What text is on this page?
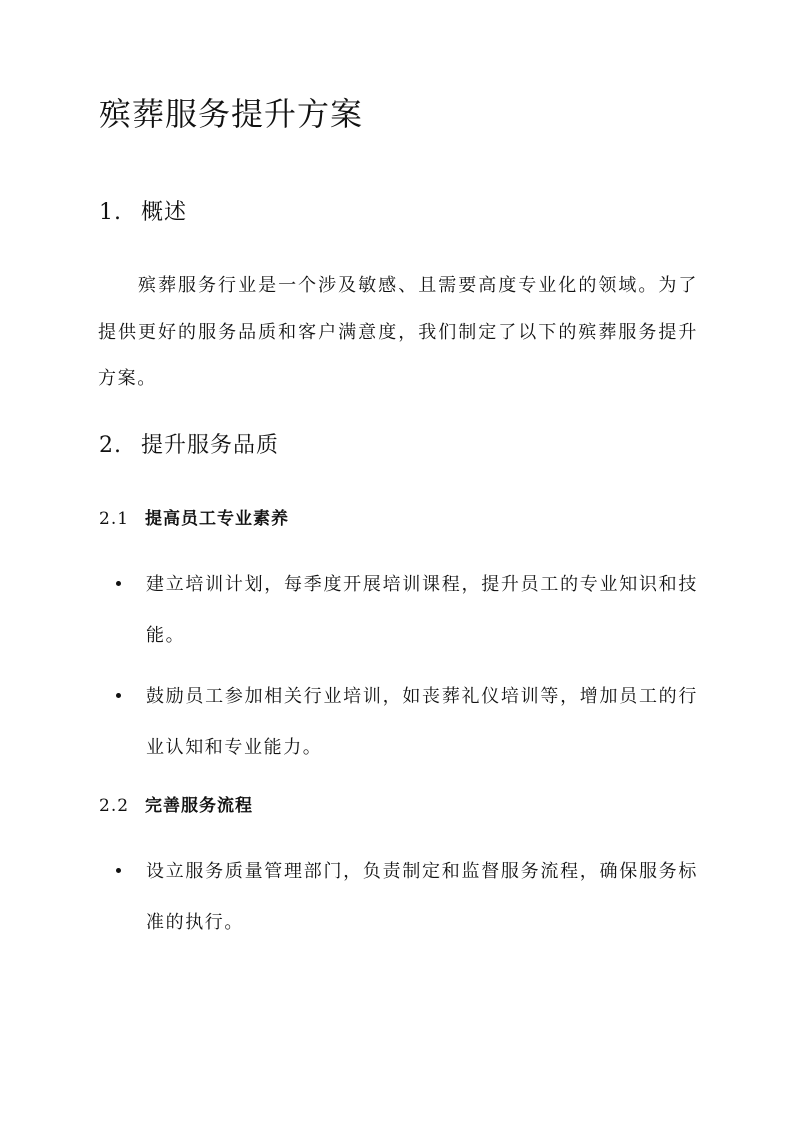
殡葬服务提升方案
1. 概述

殡葬服务行业是一个涉及敏感、且需要高度专业化的领域。为了提供更好的服务品质和客户满意度，我们制定了以下的殡葬服务提升方案。

2. 提升服务品质
2.1 提高员工专业素养
建立培训计划，每季度开展培训课程，提升员工的专业知识和技能。
鼓励员工参加相关行业培训，如丧葬礼仪培训等，增加员工的行业认知和专业能力。
2.2 完善服务流程
设立服务质量管理部门，负责制定和监督服务流程，确保服务标准的执行。
